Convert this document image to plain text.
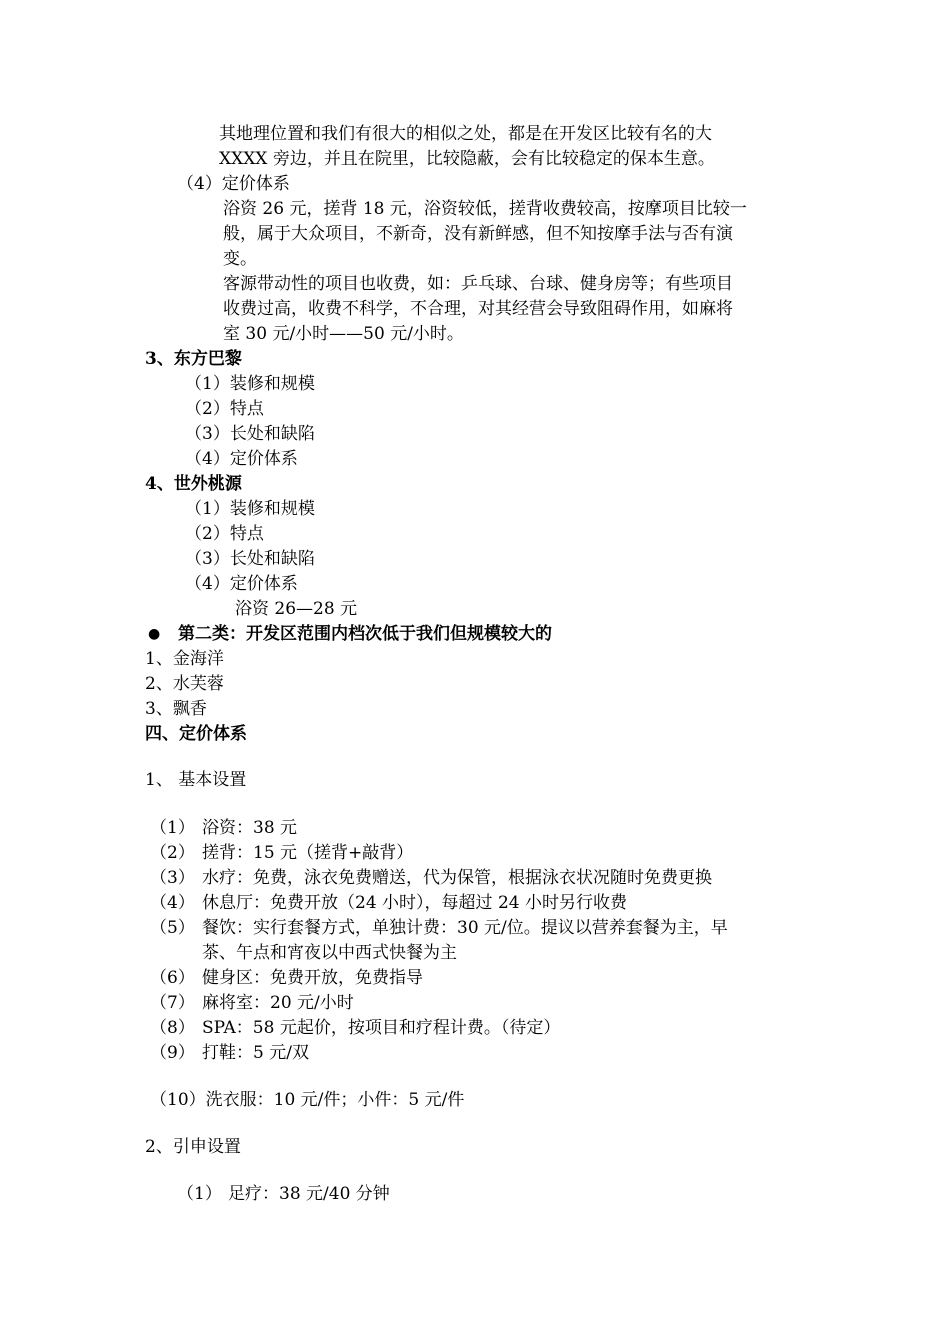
其地理位置和我们有很大的相似之处，都是在开发区比较有名的大
XXXX 旁边，并且在院里，比较隐蔽，会有比较稳定的保本生意。
（4）定价体系
浴资 26 元，搓背 18 元，浴资较低，搓背收费较高，按摩项目比较一
般，属于大众项目，不新奇，没有新鲜感，但不知按摩手法与否有演
变。
客源带动性的项目也收费，如：乒乓球、台球、健身房等；有些项目
收费过高，收费不科学，不合理，对其经营会导致阻碍作用，如麻将
室 30 元/小时——50 元/小时。
3、东方巴黎
（1）装修和规模
（2）特点
（3）长处和缺陷
（4）定价体系
4、世外桃源
（1）装修和规模
（2）特点
（3）长处和缺陷
（4）定价体系
浴资 26—28 元
● 第二类：开发区范围内档次低于我们但规模较大的
1、金海洋
2、水芙蓉
3、飘香
四、定价体系
1、 基本设置
（1） 浴资：38 元
（2） 搓背：15 元（搓背+敲背）
（3） 水疗：免费，泳衣免费赠送，代为保管，根据泳衣状况随时免费更换
（4） 休息厅：免费开放（24 小时），每超过 24 小时另行收费
（5） 餐饮：实行套餐方式，单独计费：30 元/位。提议以营养套餐为主，早
茶、午点和宵夜以中西式快餐为主
（6） 健身区：免费开放，免费指导
（7） 麻将室：20 元/小时
（8） SPA：58 元起价，按项目和疗程计费。（待定）
（9） 打鞋：5 元/双
（10）洗衣服：10 元/件；小件：5 元/件
2、引申设置
（1） 足疗：38 元/40 分钟
